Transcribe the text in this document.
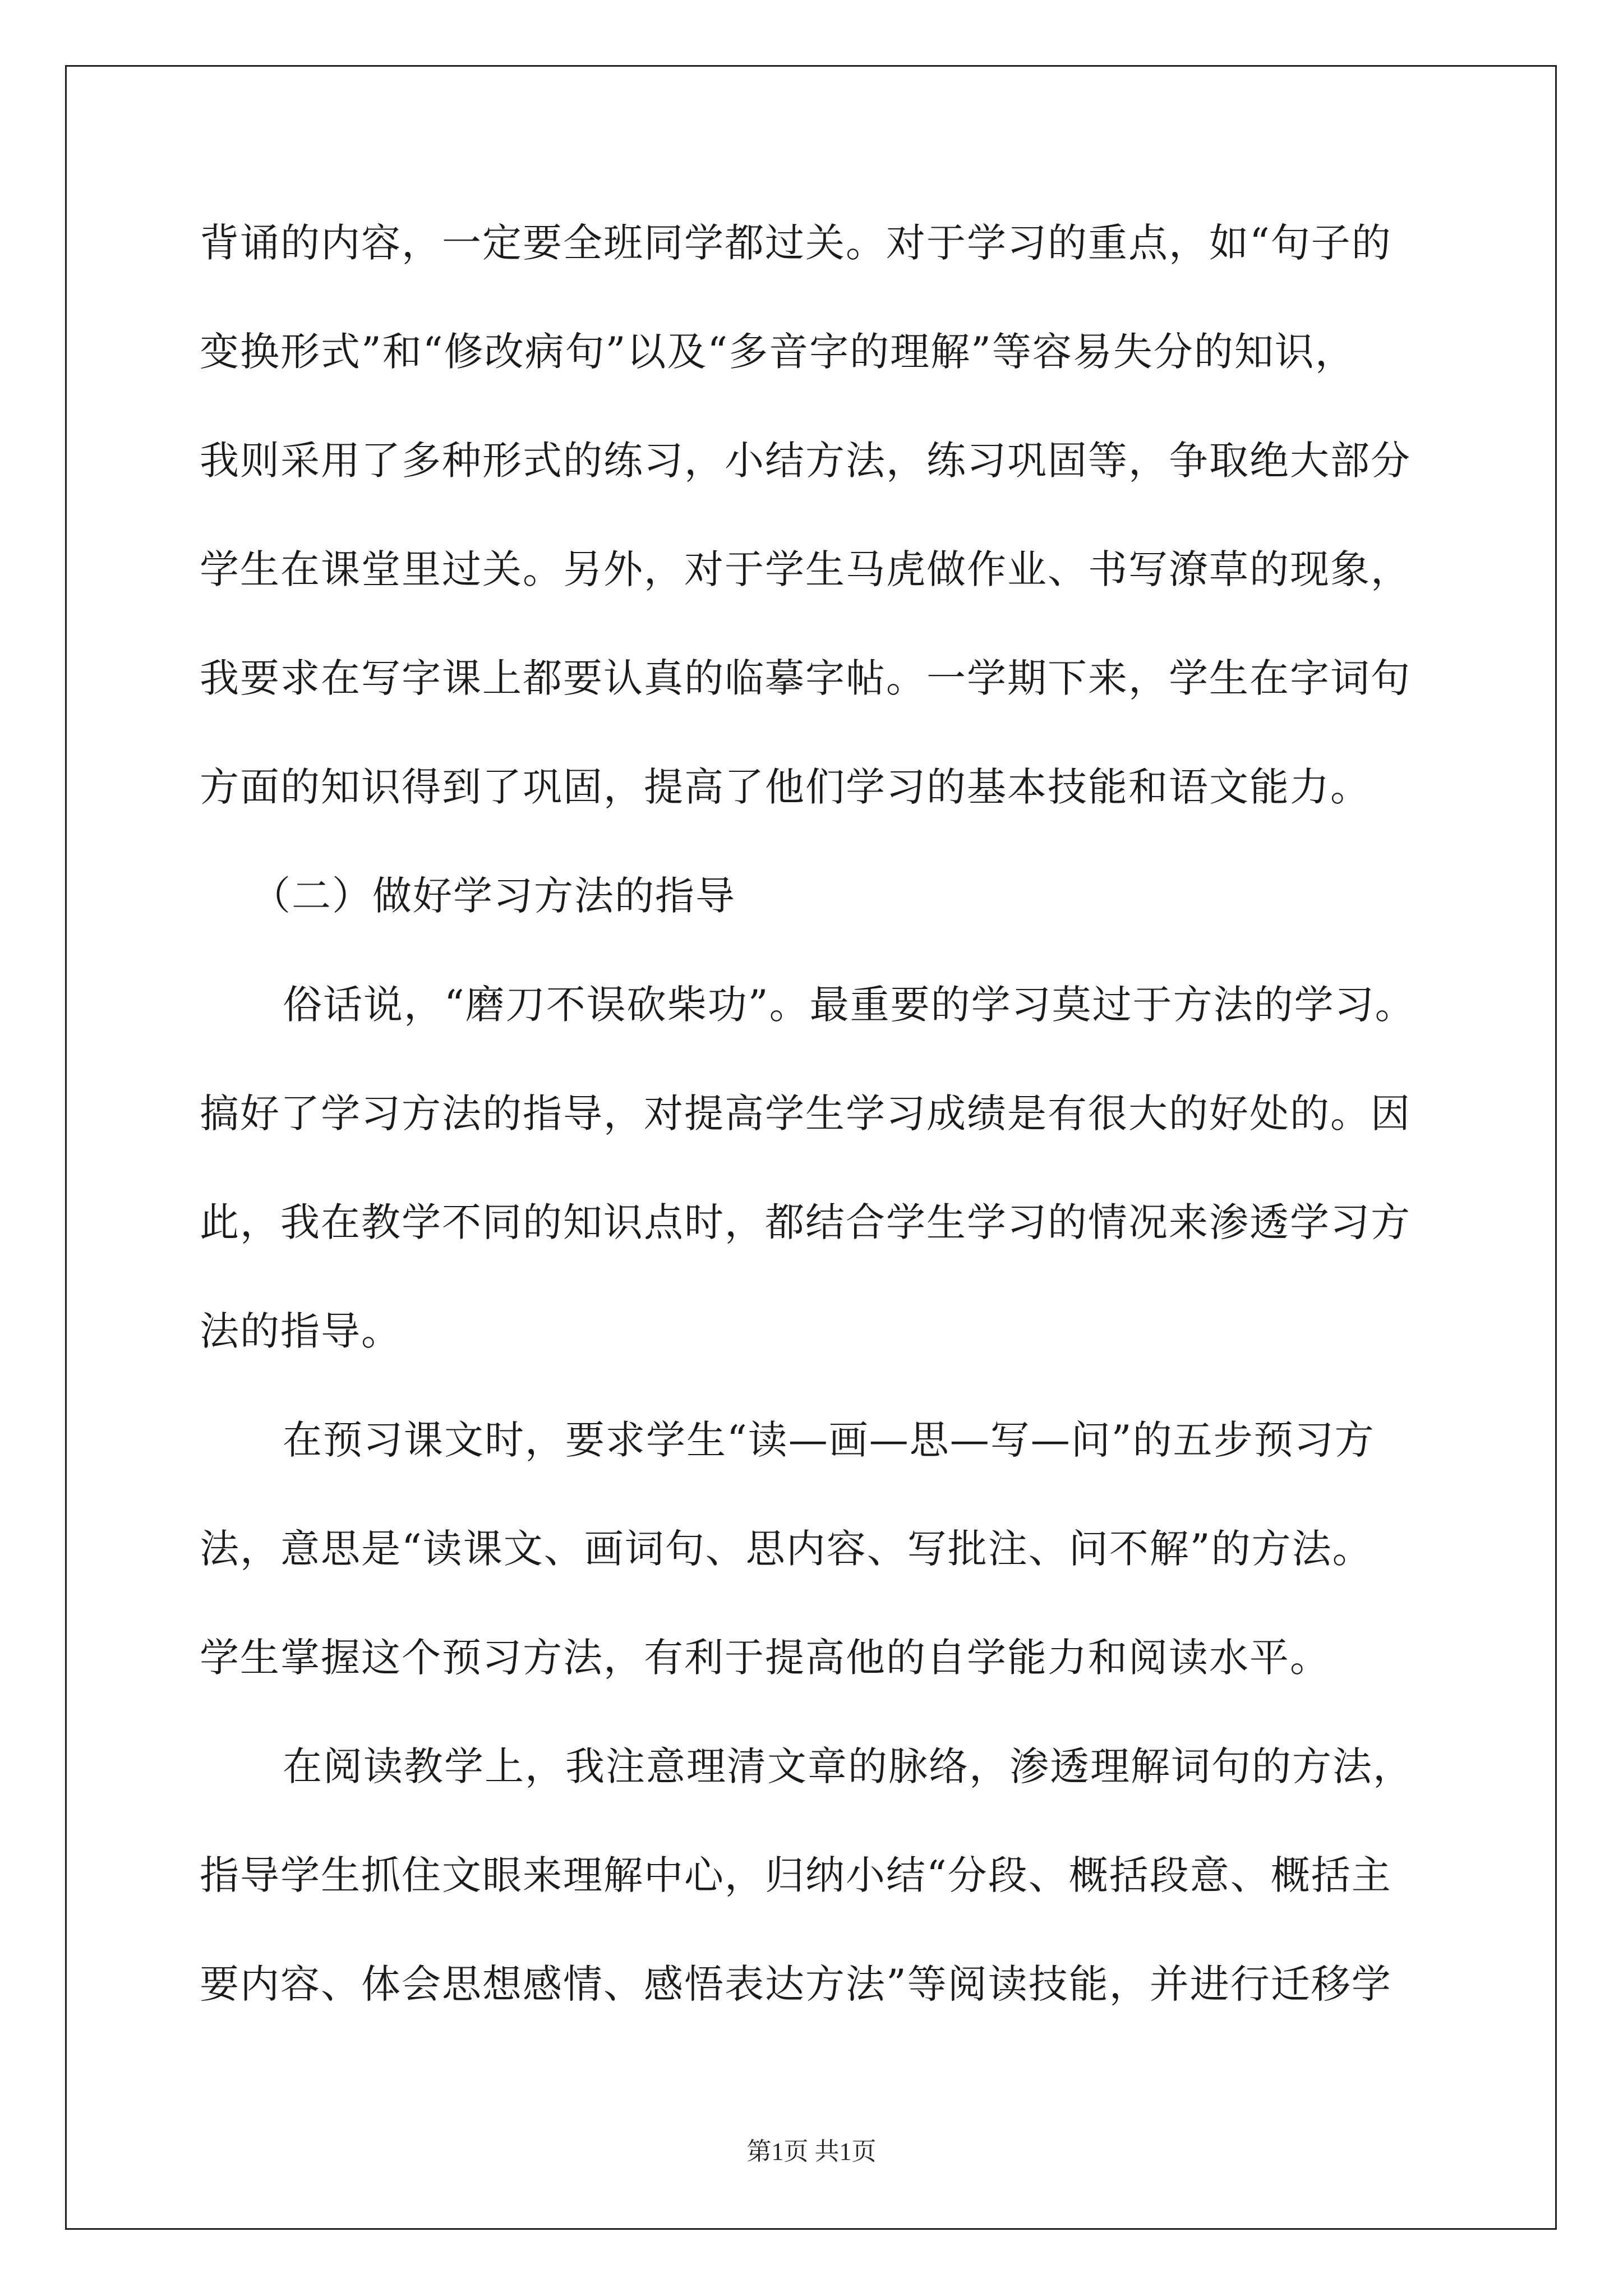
背诵的内容，一定要全班同学都过关。对于学习的重点，如“句子的
变换形式”和“修改病句”以及“多音字的理解”等容易失分的知识，
我则采用了多种形式的练习，小结方法，练习巩固等，争取绝大部分
学生在课堂里过关。另外，对于学生马虎做作业、书写潦草的现象，
我要求在写字课上都要认真的临摹字帖。一学期下来，学生在字词句
方面的知识得到了巩固，提高了他们学习的基本技能和语文能力。
（二）做好学习方法的指导
俗话说，“磨刀不误砍柴功”。最重要的学习莫过于方法的学习。
搞好了学习方法的指导，对提高学生学习成绩是有很大的好处的。因
此，我在教学不同的知识点时，都结合学生学习的情况来渗透学习方
法的指导。
在预习课文时，要求学生“读—画—思—写—问”的五步预习方
法，意思是“读课文、画词句、思内容、写批注、问不解”的方法。
学生掌握这个预习方法，有利于提高他的自学能力和阅读水平。
在阅读教学上，我注意理清文章的脉络，渗透理解词句的方法，
指导学生抓住文眼来理解中心，归纳小结“分段、概括段意、概括主
要内容、体会思想感情、感悟表达方法”等阅读技能，并进行迁移学
第1页 共1页
